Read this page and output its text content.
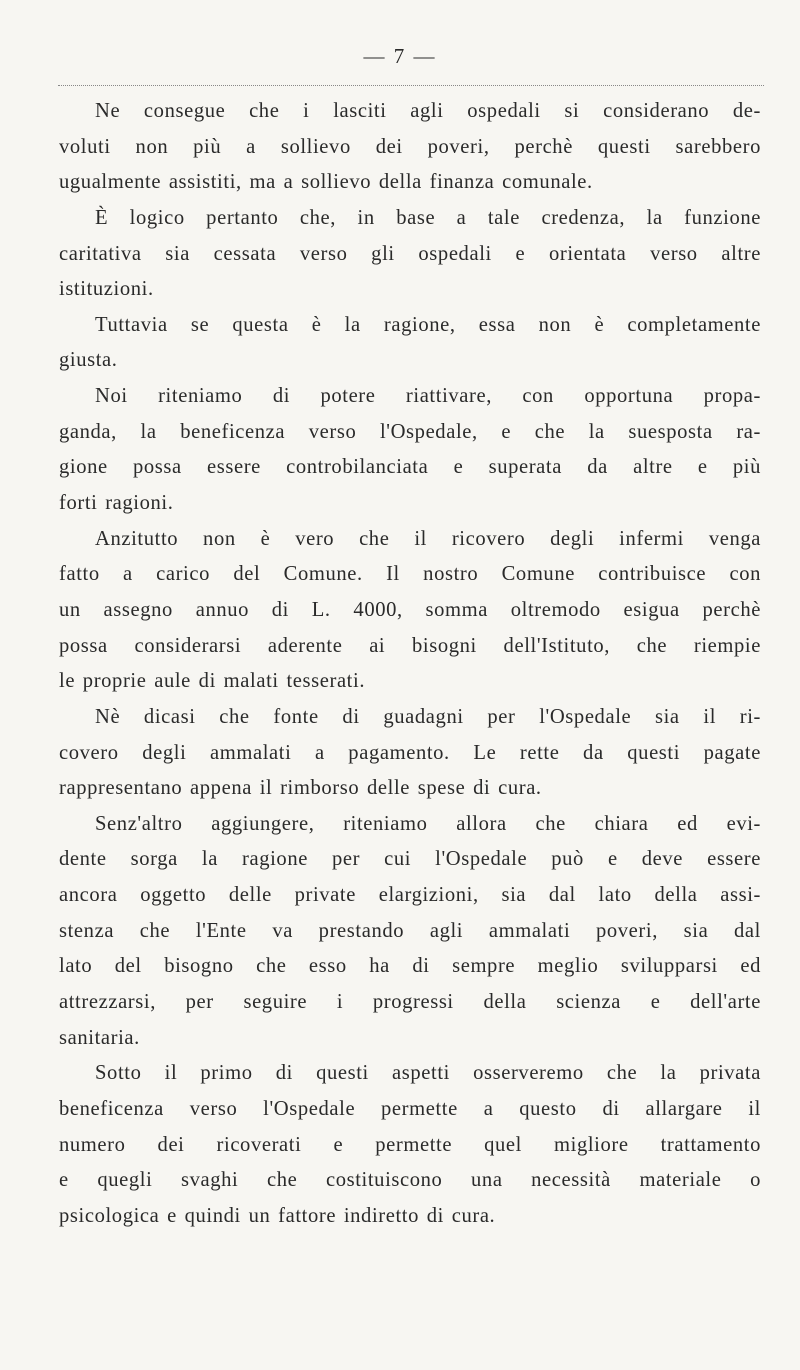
— 7 —
Ne consegue che i lasciti agli ospedali si considerano de-
voluti non più a sollievo dei poveri, perchè questi sarebbero
ugualmente assistiti, ma a sollievo della finanza comunale.
È logico pertanto che, in base a tale credenza, la funzione
caritativa sia cessata verso gli ospedali e orientata verso altre
istituzioni.
Tuttavia se questa è la ragione, essa non è completamente
giusta.
Noi riteniamo di potere riattivare, con opportuna propa-
ganda, la beneficenza verso l'Ospedale, e che la suesposta ra-
gione possa essere controbilanciata e superata da altre e più
forti ragioni.
Anzitutto non è vero che il ricovero degli infermi venga
fatto a carico del Comune. Il nostro Comune contribuisce con
un assegno annuo di L. 4000, somma oltremodo esigua perchè
possa considerarsi aderente ai bisogni dell'Istituto, che riempie
le proprie aule di malati tesserati.
Nè dicasi che fonte di guadagni per l'Ospedale sia il ri-
covero degli ammalati a pagamento. Le rette da questi pagate
rappresentano appena il rimborso delle spese di cura.
Senz'altro aggiungere, riteniamo allora che chiara ed evi-
dente sorga la ragione per cui l'Ospedale può e deve essere
ancora oggetto delle private elargizioni, sia dal lato della assi-
stenza che l'Ente va prestando agli ammalati poveri, sia dal
lato del bisogno che esso ha di sempre meglio svilupparsi ed
attrezzarsi, per seguire i progressi della scienza e dell'arte
sanitaria.
Sotto il primo di questi aspetti osserveremo che la privata
beneficenza verso l'Ospedale permette a questo di allargare il
numero dei ricoverati e permette quel migliore trattamento
e quegli svaghi che costituiscono una necessità materiale o
psicologica e quindi un fattore indiretto di cura.
